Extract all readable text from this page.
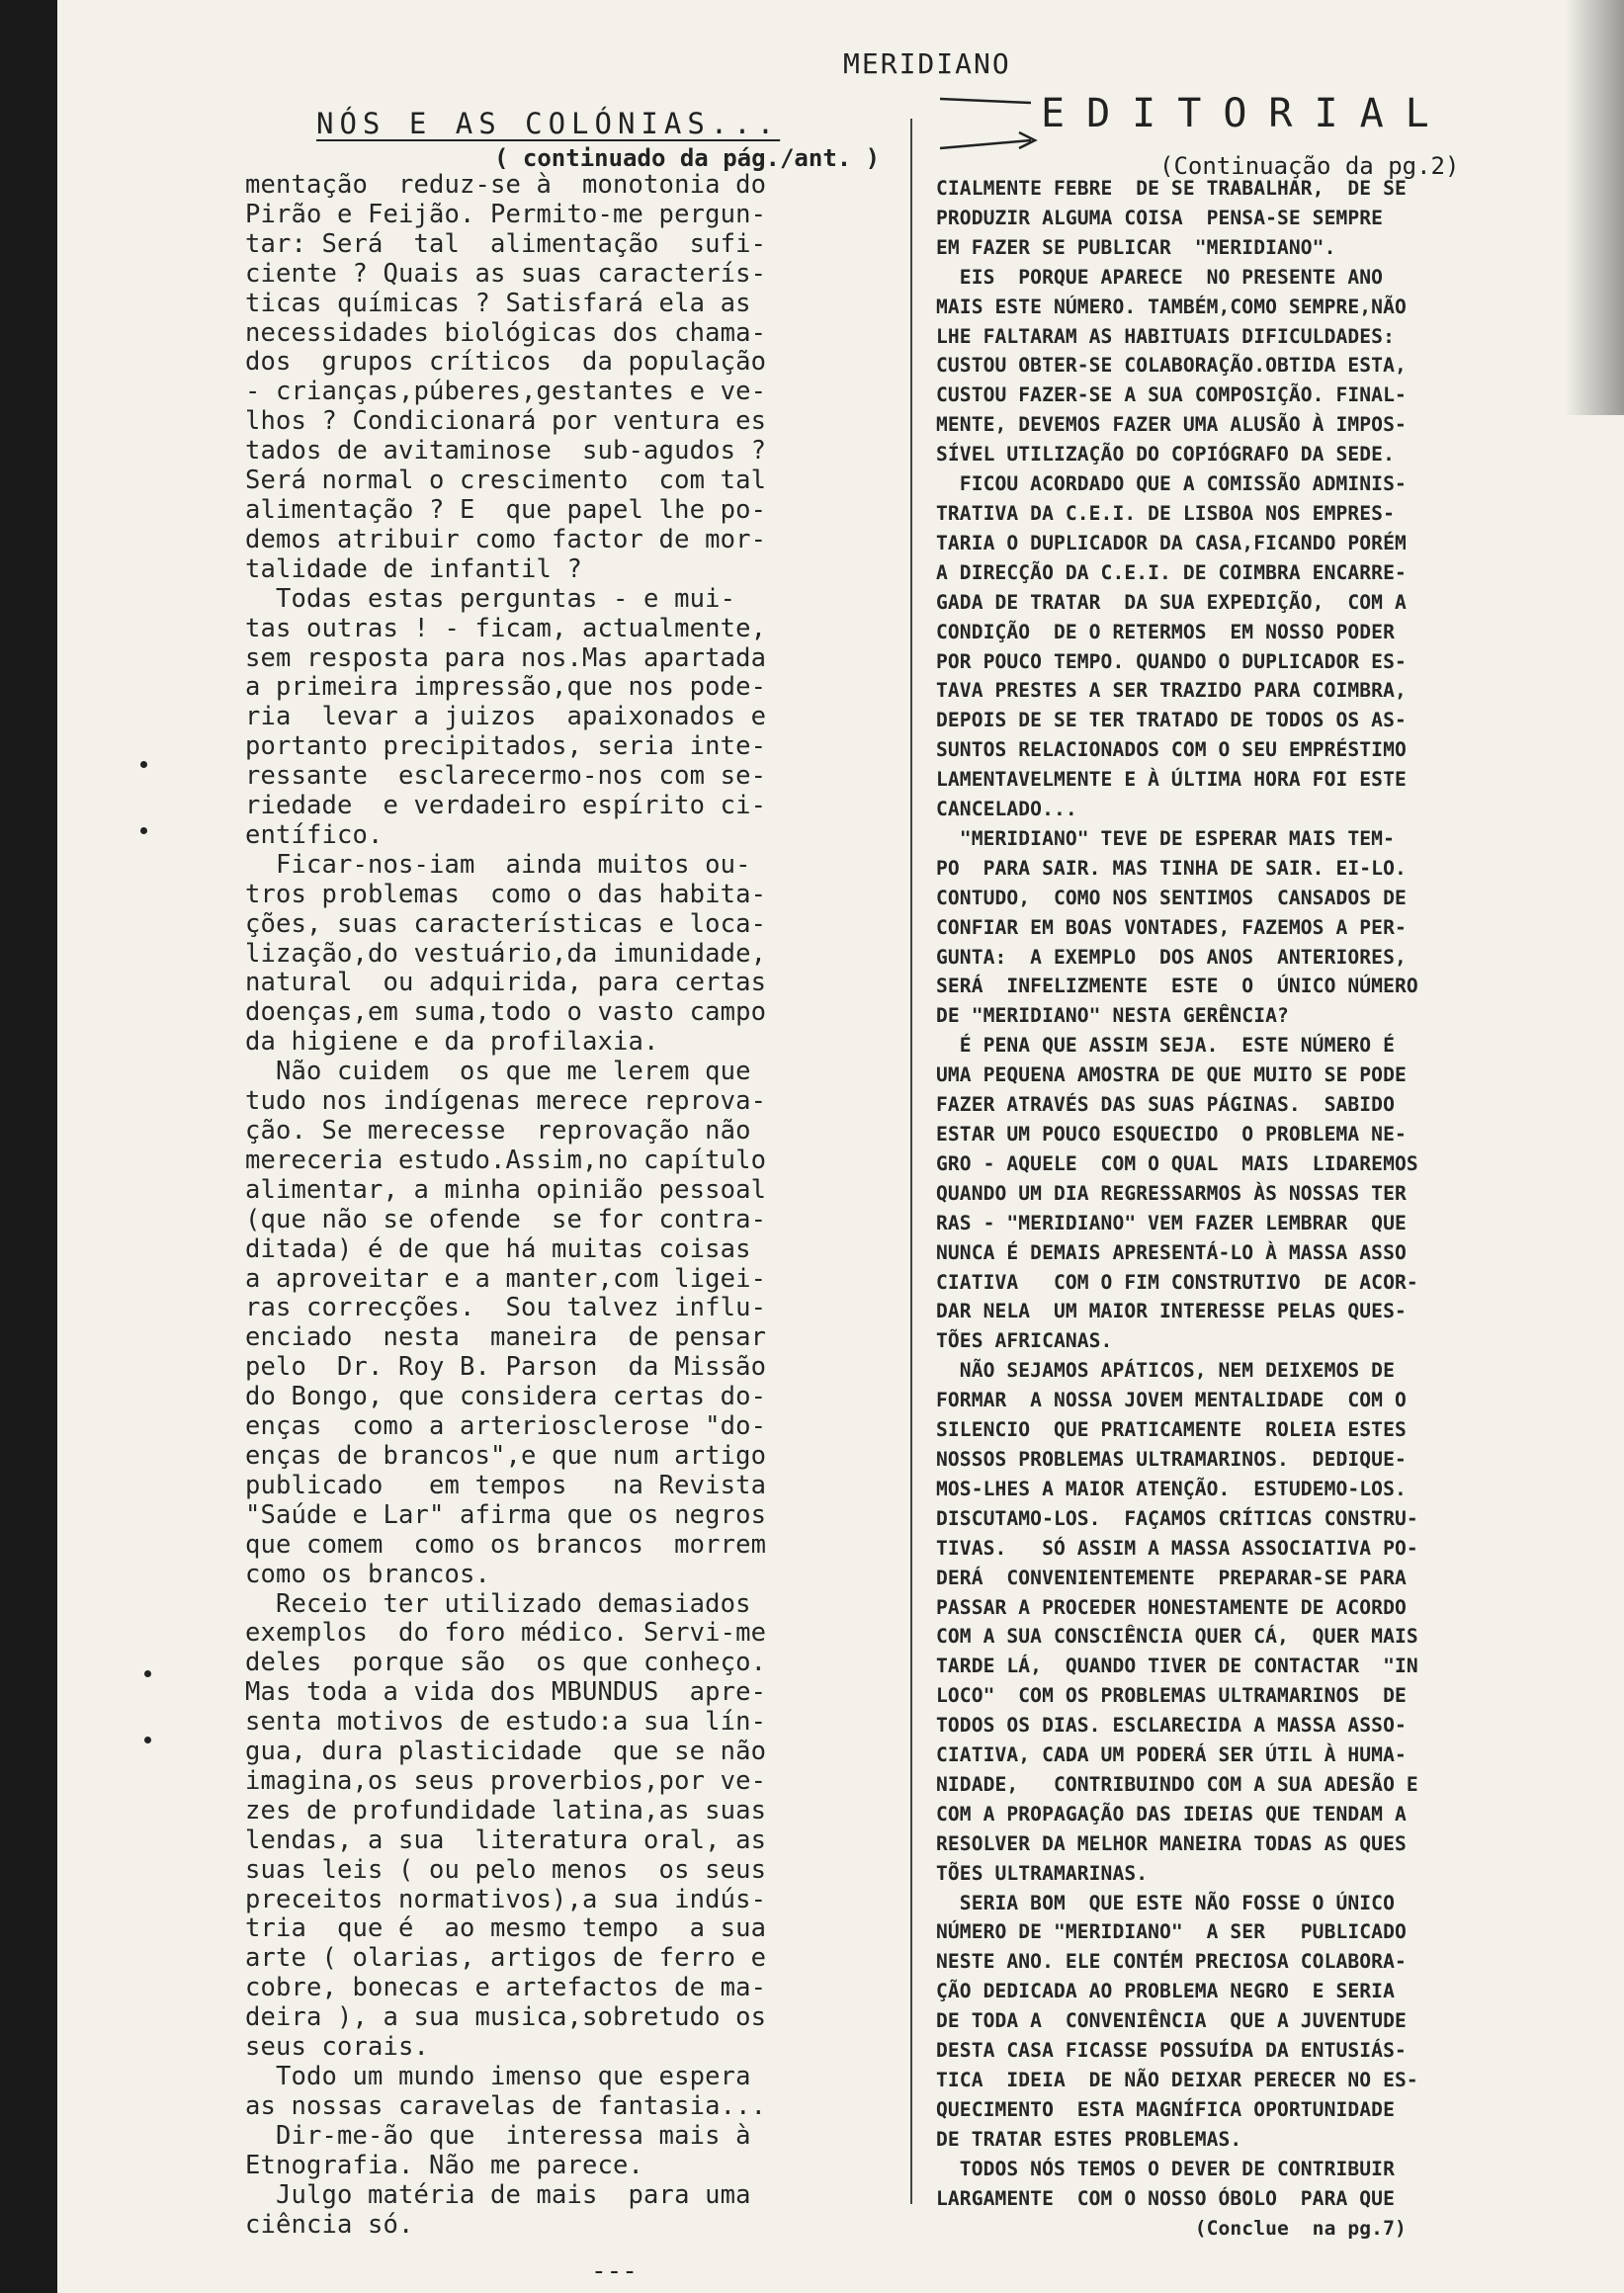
MERIDIANO
NÓS E AS COLÓNIAS...
( continuado da pág./ant. )
EDITORIAL
(Continuação da pg.2)
mentação  reduz-se à  monotonia do
Pirão e Feijão. Permito-me pergun-
tar: Será  tal  alimentação  sufi-
ciente ? Quais as suas caracterís-
ticas químicas ? Satisfará ela as
necessidades biológicas dos chama-
dos  grupos críticos  da população
- crianças,púberes,gestantes e ve-
lhos ? Condicionará por ventura es
tados de avitaminose  sub-agudos ?
Será normal o crescimento  com tal
alimentação ? E  que papel lhe po-
demos atribuir como factor de mor-
talidade de infantil ?
Todas estas perguntas - e mui-
tas outras ! - ficam, actualmente,
sem resposta para nos.Mas apartada
a primeira impressão,que nos pode-
ria  levar a juizos  apaixonados e
portanto precipitados, seria inte-
ressante  esclarecermo-nos com se-
riedade  e verdadeiro espírito ci-
entífico.
Ficar-nos-iam  ainda muitos ou-
tros problemas  como o das habita-
ções, suas características e loca-
lização,do vestuário,da imunidade,
natural  ou adquirida, para certas
doenças,em suma,todo o vasto campo
da higiene e da profilaxia.
Não cuidem  os que me lerem que
tudo nos indígenas merece reprova-
ção. Se merecesse  reprovação não
mereceria estudo.Assim,no capítulo
alimentar, a minha opinião pessoal
(que não se ofende  se for contra-
ditada) é de que há muitas coisas
a aproveitar e a manter,com ligei-
ras correcções.  Sou talvez influ-
enciado  nesta  maneira  de pensar
pelo  Dr. Roy B. Parson  da Missão
do Bongo, que considera certas do-
enças  como a arteriosclerose "do-
enças de brancos",e que num artigo
publicado   em tempos   na Revista
"Saúde e Lar" afirma que os negros
que comem  como os brancos  morrem
como os brancos.
Receio ter utilizado demasiados
exemplos  do foro médico. Servi-me
deles  porque são  os que conheço.
Mas toda a vida dos MBUNDUS  apre-
senta motivos de estudo:a sua lín-
gua, dura plasticidade  que se não
imagina,os seus proverbios,por ve-
zes de profundidade latina,as suas
lendas, a sua  literatura oral, as
suas leis ( ou pelo menos  os seus
preceitos normativos),a sua indús-
tria  que é  ao mesmo tempo  a sua
arte ( olarias, artigos de ferro e
cobre, bonecas e artefactos de ma-
deira ), a sua musica,sobretudo os
seus corais.
Todo um mundo imenso que espera
as nossas caravelas de fantasia...
Dir-me-ão que  interessa mais à
Etnografia. Não me parece.
Julgo matéria de mais  para uma
ciência só.
CIALMENTE FEBRE  DE SE TRABALHAR,  DE SE
PRODUZIR ALGUMA COISA  PENSA-SE SEMPRE
EM FAZER SE PUBLICAR  "MERIDIANO".
EIS  PORQUE APARECE  NO PRESENTE ANO
MAIS ESTE NÚMERO. TAMBÉM,COMO SEMPRE,NÃO
LHE FALTARAM AS HABITUAIS DIFICULDADES:
CUSTOU OBTER-SE COLABORAÇÃO.OBTIDA ESTA,
CUSTOU FAZER-SE A SUA COMPOSIÇÃO. FINAL-
MENTE, DEVEMOS FAZER UMA ALUSÃO À IMPOS-
SÍVEL UTILIZAÇÃO DO COPIÓGRAFO DA SEDE.
FICOU ACORDADO QUE A COMISSÃO ADMINIS-
TRATIVA DA C.E.I. DE LISBOA NOS EMPRES-
TARIA O DUPLICADOR DA CASA,FICANDO PORÉM
A DIRECÇÃO DA C.E.I. DE COIMBRA ENCARRE-
GADA DE TRATAR  DA SUA EXPEDIÇÃO,  COM A
CONDIÇÃO  DE O RETERMOS  EM NOSSO PODER
POR POUCO TEMPO. QUANDO O DUPLICADOR ES-
TAVA PRESTES A SER TRAZIDO PARA COIMBRA,
DEPOIS DE SE TER TRATADO DE TODOS OS AS-
SUNTOS RELACIONADOS COM O SEU EMPRÉSTIMO
LAMENTAVELMENTE E À ÚLTIMA HORA FOI ESTE
CANCELADO...
"MERIDIANO" TEVE DE ESPERAR MAIS TEM-
PO  PARA SAIR. MAS TINHA DE SAIR. EI-LO.
CONTUDO,  COMO NOS SENTIMOS  CANSADOS DE
CONFIAR EM BOAS VONTADES, FAZEMOS A PER-
GUNTA:  A EXEMPLO  DOS ANOS  ANTERIORES,
SERÁ  INFELIZMENTE  ESTE  O  ÚNICO NÚMERO
DE "MERIDIANO" NESTA GERÊNCIA?
É PENA QUE ASSIM SEJA.  ESTE NÚMERO É
UMA PEQUENA AMOSTRA DE QUE MUITO SE PODE
FAZER ATRAVÉS DAS SUAS PÁGINAS.  SABIDO
ESTAR UM POUCO ESQUECIDO  O PROBLEMA NE-
GRO - AQUELE  COM O QUAL  MAIS  LIDAREMOS
QUANDO UM DIA REGRESSARMOS ÀS NOSSAS TER
RAS - "MERIDIANO" VEM FAZER LEMBRAR  QUE
NUNCA É DEMAIS APRESENTÁ-LO À MASSA ASSO
CIATIVA   COM O FIM CONSTRUTIVO  DE ACOR-
DAR NELA  UM MAIOR INTERESSE PELAS QUES-
TÕES AFRICANAS.
NÃO SEJAMOS APÁTICOS, NEM DEIXEMOS DE
FORMAR  A NOSSA JOVEM MENTALIDADE  COM O
SILENCIO  QUE PRATICAMENTE  ROLEIA ESTES
NOSSOS PROBLEMAS ULTRAMARINOS.  DEDIQUE-
MOS-LHES A MAIOR ATENÇÃO.  ESTUDEMO-LOS.
DISCUTAMO-LOS.  FAÇAMOS CRÍTICAS CONSTRU-
TIVAS.   SÓ ASSIM A MASSA ASSOCIATIVA PO-
DERÁ  CONVENIENTEMENTE  PREPARAR-SE PARA
PASSAR A PROCEDER HONESTAMENTE DE ACORDO
COM A SUA CONSCIÊNCIA QUER CÁ,  QUER MAIS
TARDE LÁ,  QUANDO TIVER DE CONTACTAR  "IN
LOCO"  COM OS PROBLEMAS ULTRAMARINOS  DE
TODOS OS DIAS. ESCLARECIDA A MASSA ASSO-
CIATIVA, CADA UM PODERÁ SER ÚTIL À HUMA-
NIDADE,   CONTRIBUINDO COM A SUA ADESÃO E
COM A PROPAGAÇÃO DAS IDEIAS QUE TENDAM A
RESOLVER DA MELHOR MANEIRA TODAS AS QUES
TÕES ULTRAMARINAS.
SERIA BOM  QUE ESTE NÃO FOSSE O ÚNICO
NÚMERO DE "MERIDIANO"  A SER   PUBLICADO
NESTE ANO. ELE CONTÉM PRECIOSA COLABORA-
ÇÃO DEDICADA AO PROBLEMA NEGRO  E SERIA
DE TODA A  CONVENIÊNCIA  QUE A JUVENTUDE
DESTA CASA FICASSE POSSUÍDA DA ENTUSIÁS-
TICA  IDEIA  DE NÃO DEIXAR PERECER NO ES-
QUECIMENTO  ESTA MAGNÍFICA OPORTUNIDADE
DE TRATAR ESTES PROBLEMAS.
TODOS NÓS TEMOS O DEVER DE CONTRIBUIR
LARGAMENTE  COM O NOSSO ÓBOLO  PARA QUE
(Conclue  na pg.7)
---
